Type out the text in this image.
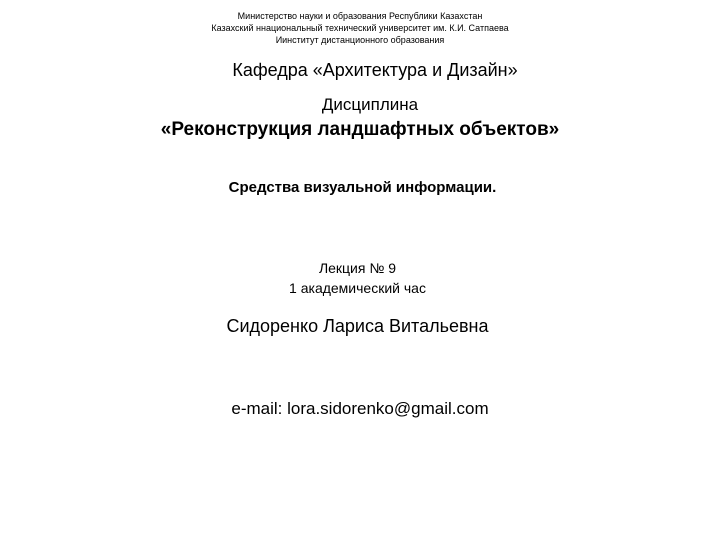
Министерство науки и образования Республики Казахстан
Казахский ннациональный технический университет им. К.И. Сатпаева
Иинститут дистанционного образования
Кафедра «Архитектура и Дизайн»
Дисциплина
«Реконструкция ландшафтных объектов»
Средства визуальной информации.
Лекция № 9
1 академический час
Сидоренко Лариса Витальевна
e-mail: lora.sidorenko@gmail.com
